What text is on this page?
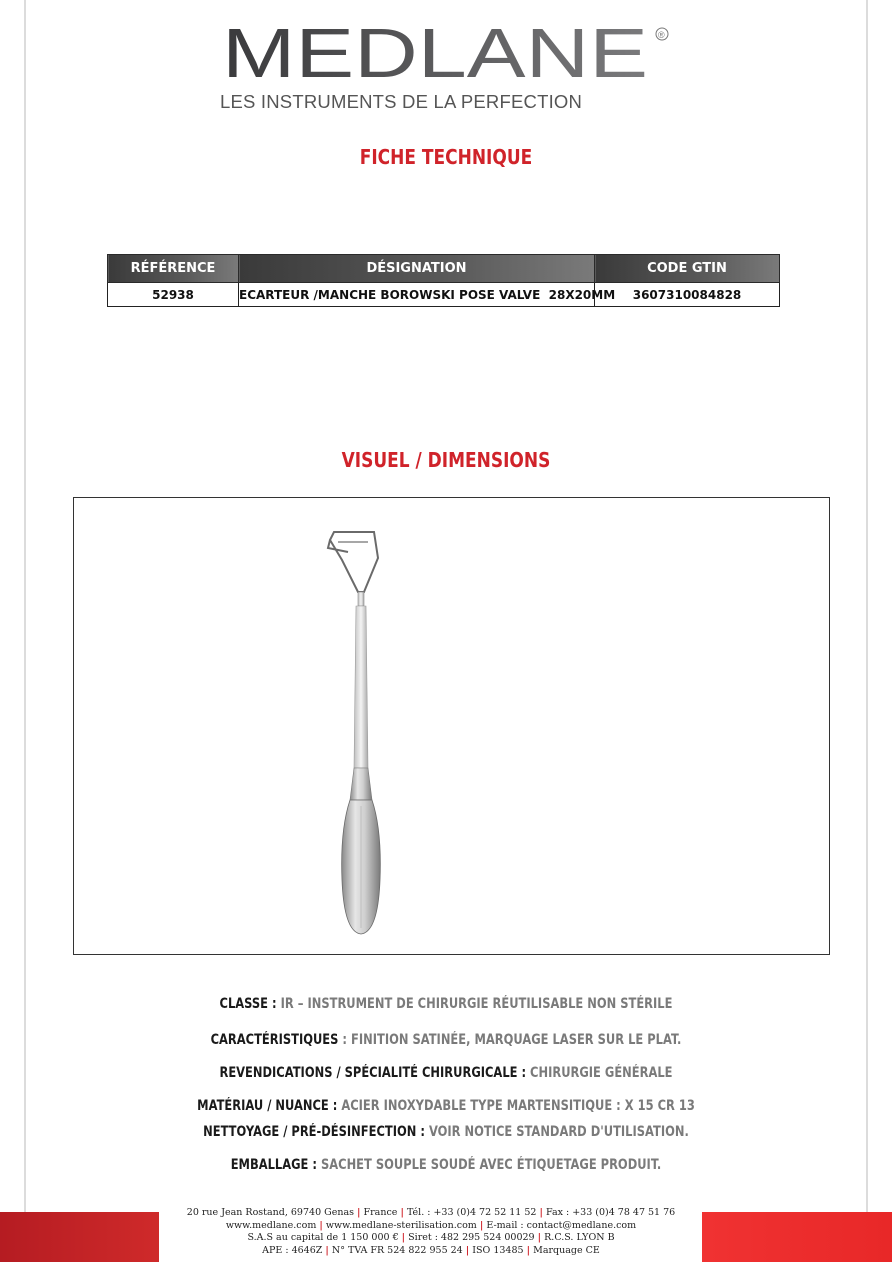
MEDLANE ®
LES INSTRUMENTS DE LA PERFECTION
FICHE TECHNIQUE
RÉFÉRENCE	DÉSIGNATION	CODE GTIN
52938	ECARTEUR /MANCHE BOROWSKI POSE VALVE  28X20MM	3607310084828
VISUEL / DIMENSIONS
CLASSE : IR – INSTRUMENT DE CHIRURGIE RÉUTILISABLE NON STÉRILE
CARACTÉRISTIQUES : FINITION SATINÉE, MARQUAGE LASER SUR LE PLAT.
REVENDICATIONS / SPÉCIALITÉ CHIRURGICALE : CHIRURGIE GÉNÉRALE
MATÉRIAU / NUANCE : ACIER INOXYDABLE TYPE MARTENSITIQUE : X 15 CR 13
NETTOYAGE / PRÉ-DÉSINFECTION : VOIR NOTICE STANDARD D'UTILISATION.
EMBALLAGE : SACHET SOUPLE SOUDÉ AVEC ÉTIQUETAGE PRODUIT.
20 rue Jean Rostand, 69740 Genas | France | Tél. : +33 (0)4 72 52 11 52 | Fax : +33 (0)4 78 47 51 76
www.medlane.com | www.medlane-sterilisation.com | E-mail : contact@medlane.com
S.A.S au capital de 1 150 000 € | Siret : 482 295 524 00029 | R.C.S. LYON B
APE : 4646Z | N° TVA FR 524 822 955 24 | ISO 13485 | Marquage CE
